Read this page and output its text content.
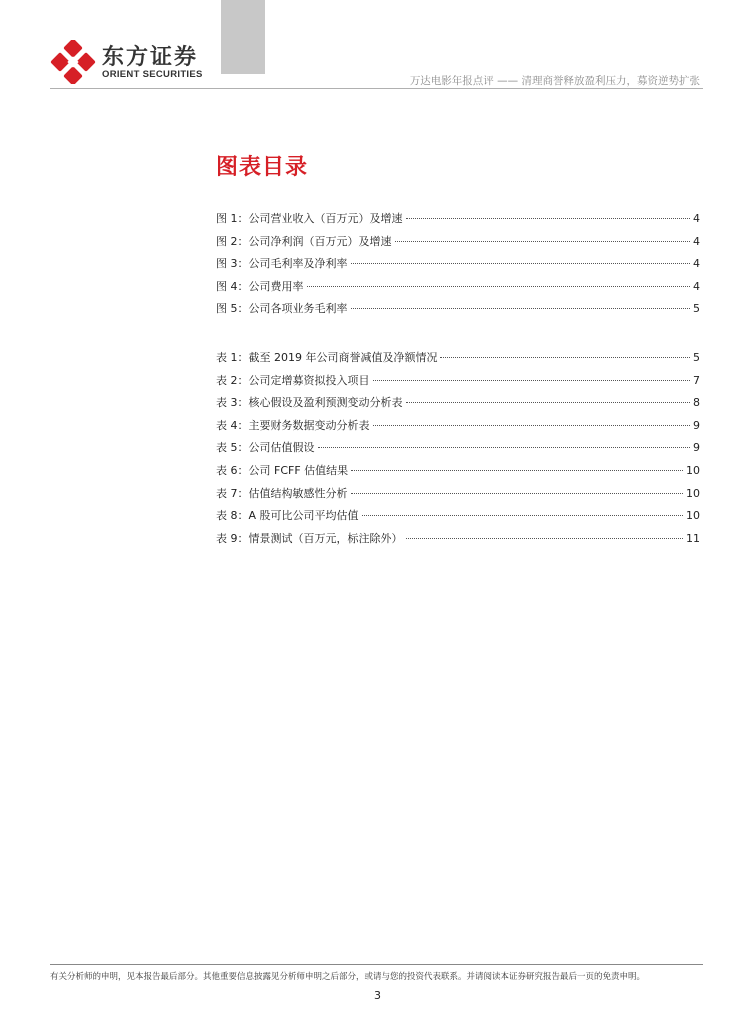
东方证券
ORIENT SECURITIES
万达电影年报点评 —— 清理商誉释放盈利压力，募资逆势扩张
图表目录
图 1：公司营业收入（百万元）及增速	4
图 2：公司净利润（百万元）及增速	4
图 3：公司毛利率及净利率	4
图 4：公司费用率	4
图 5：公司各项业务毛利率	5
表 1：截至 2019 年公司商誉减值及净额情况	5
表 2：公司定增募资拟投入项目	7
表 3：核心假设及盈利预测变动分析表	8
表 4：主要财务数据变动分析表	9
表 5：公司估值假设	9
表 6：公司 FCFF 估值结果	10
表 7：估值结构敏感性分析	10
表 8：A 股可比公司平均估值	10
表 9：情景测试（百万元，标注除外）	11
有关分析师的申明，见本报告最后部分。其他重要信息披露见分析师申明之后部分，或请与您的投资代表联系。并请阅读本证券研究报告最后一页的免责申明。
3
